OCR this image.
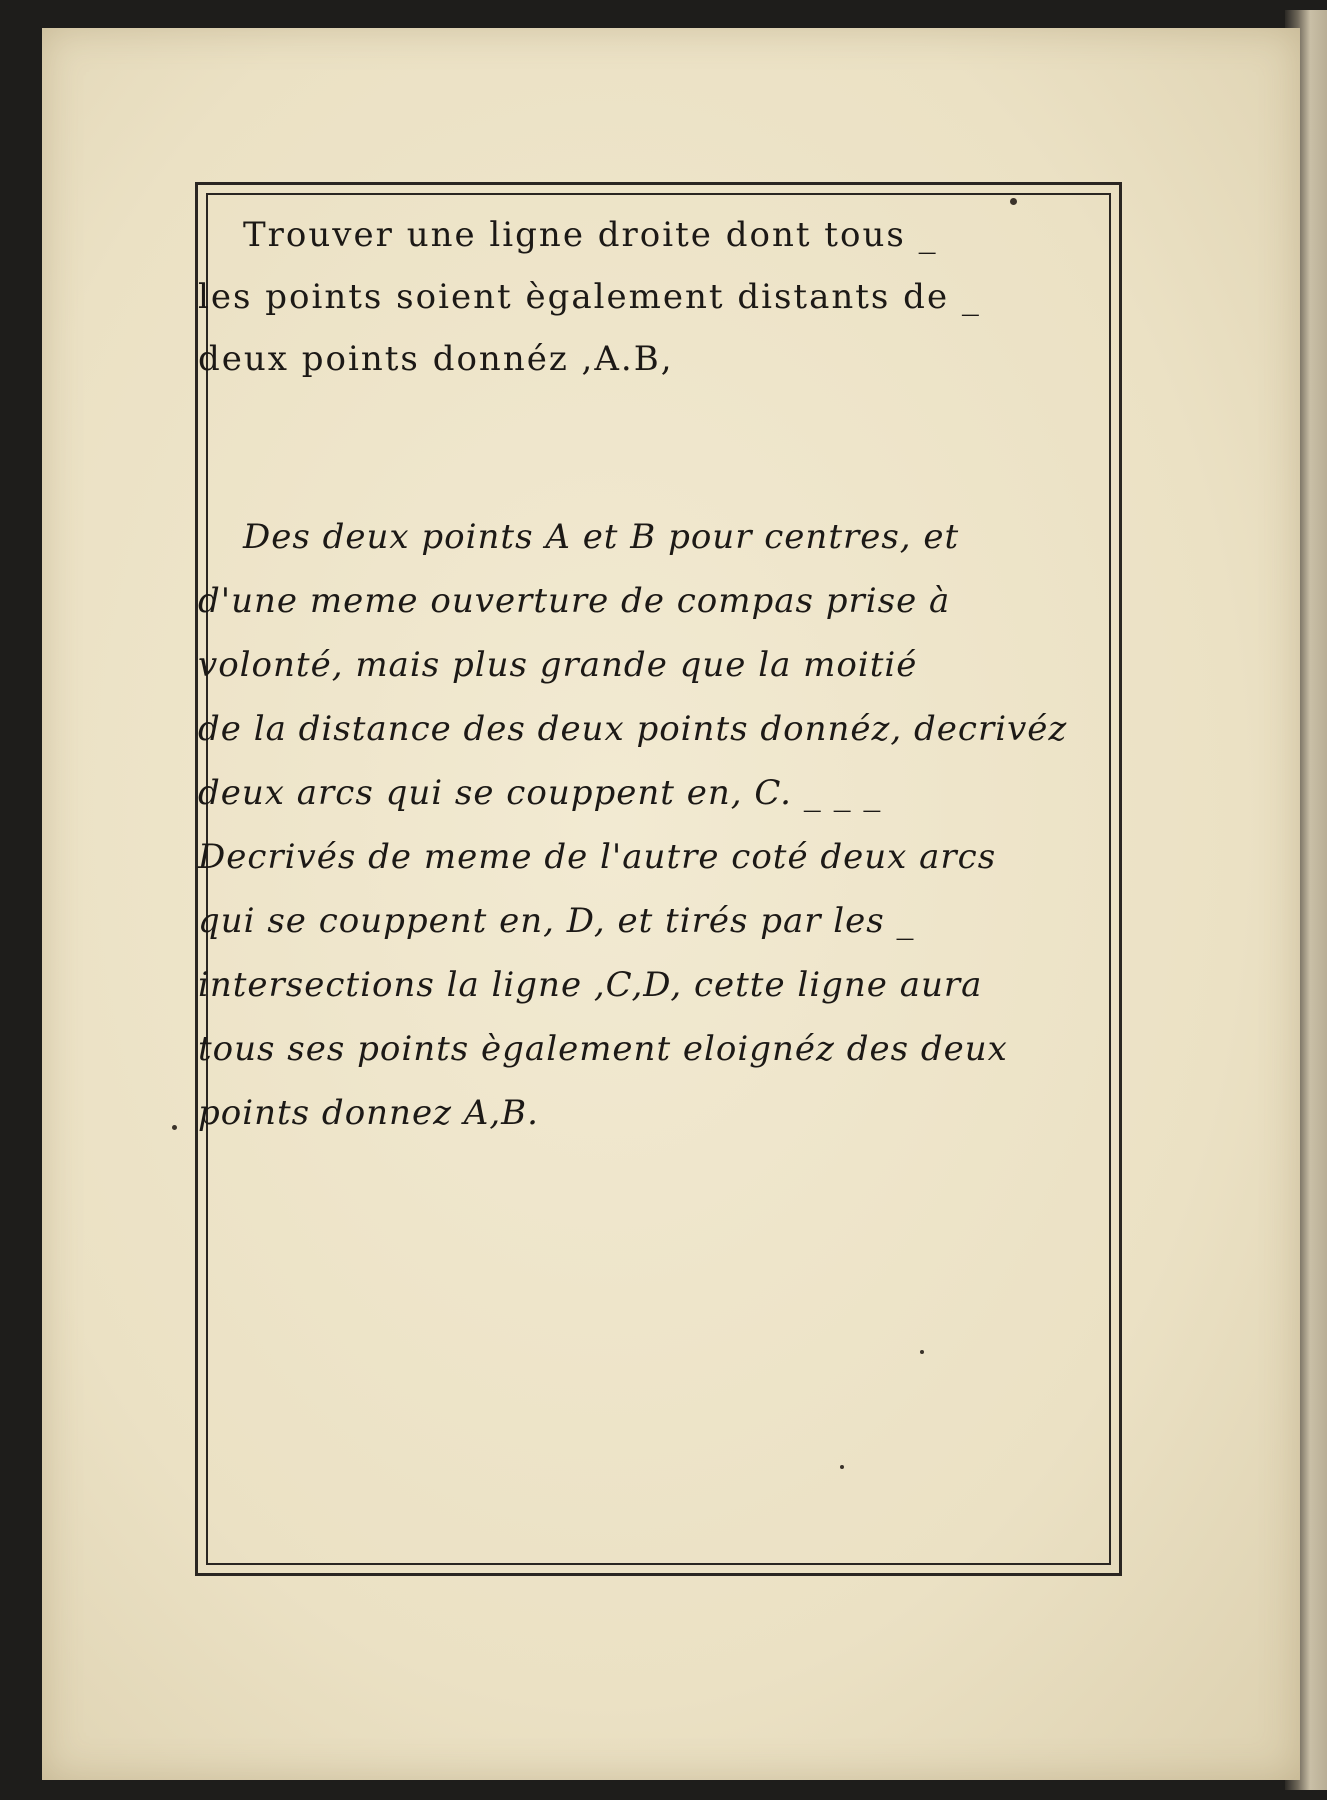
Trouver une ligne droite dont tous _
les points soient ègalement distants de _
deux points donnéz ,A.B,
Des deux points A et B pour centres, et
d'une meme ouverture de compas prise à
volonté, mais plus grande que la moitié
de la distance des deux points donnéz, decrivéz
deux arcs qui se couppent en, C. _ _ _
Decrivés de meme de l'autre coté deux arcs
qui se couppent en, D, et tirés par les _
intersections la ligne ,C,D, cette ligne aura
tous ses points ègalement eloignéz des deux
points donnez A,B.
